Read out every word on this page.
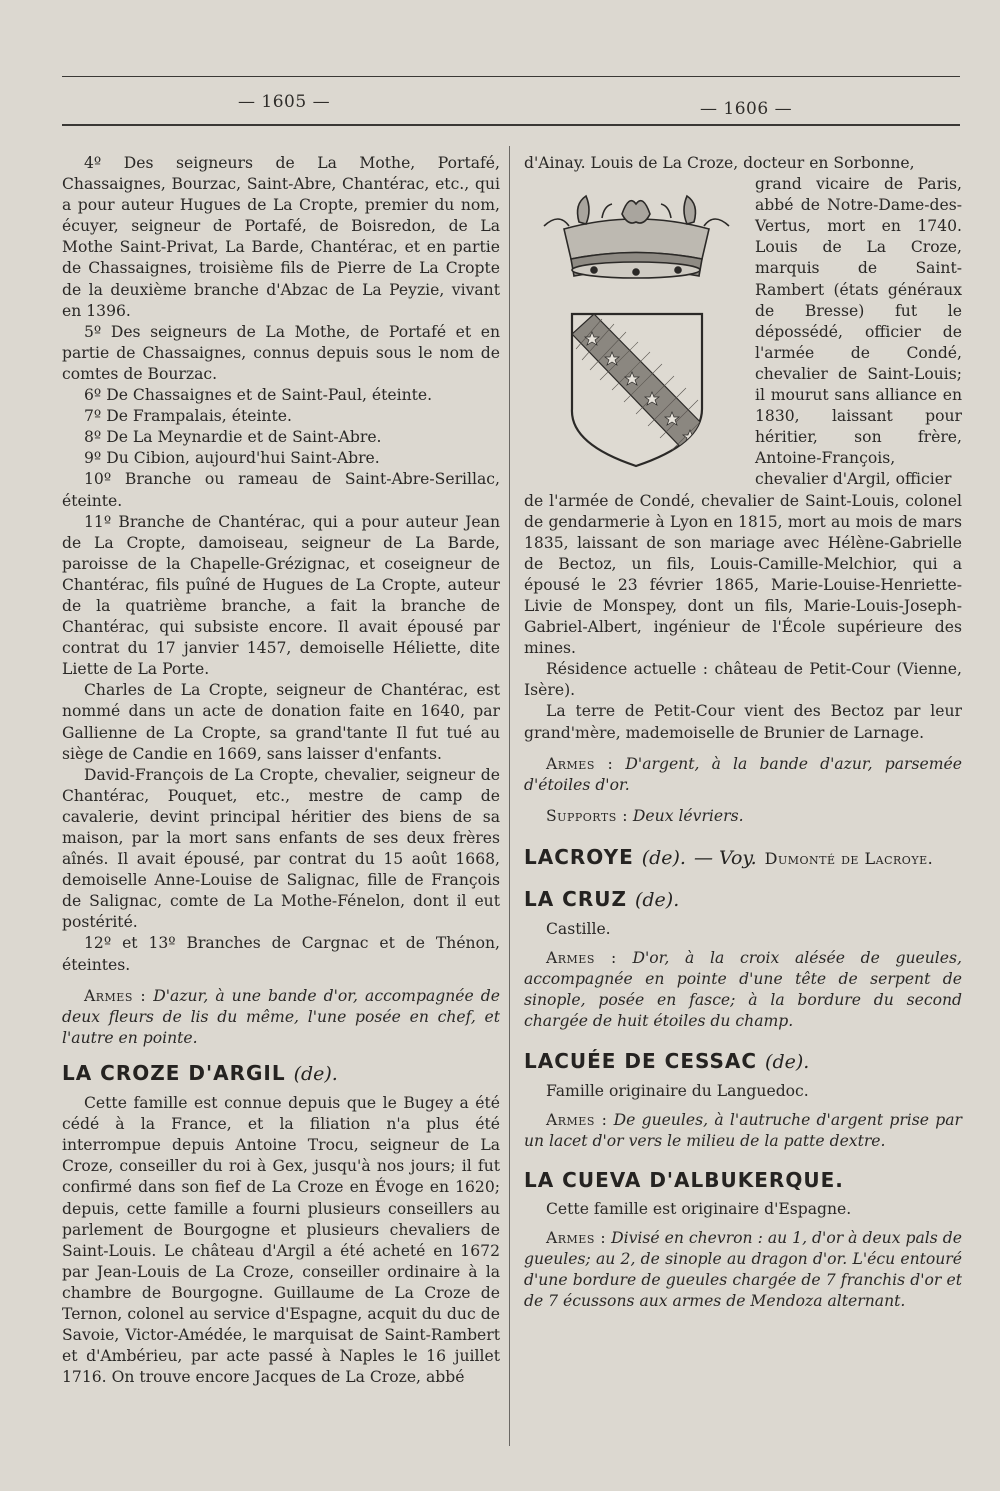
— 1605 —	— 1606 —

4º Des seigneurs de La Mothe, Portafé, Chassaignes, Bourzac, Saint-Abre, Chantérac, etc., qui a pour auteur Hugues de La Cropte, premier du nom, écuyer, seigneur de Portafé, de Boisredon, de La Mothe Saint-Privat, La Barde, Chantérac, et en partie de Chassaignes, troisième fils de Pierre de La Cropte de la deuxième branche d'Abzac de La Peyzie, vivant en 1396.

5º Des seigneurs de La Mothe, de Portafé et en partie de Chassaignes, connus depuis sous le nom de comtes de Bourzac.

6º De Chassaignes et de Saint-Paul, éteinte.

7º De Frampalais, éteinte.

8º De La Meynardie et de Saint-Abre.

9º Du Cibion, aujourd'hui Saint-Abre.

10º Branche ou rameau de Saint-Abre-Serillac, éteinte.

11º Branche de Chantérac, qui a pour auteur Jean de La Cropte, damoiseau, seigneur de La Barde, paroisse de la Chapelle-Grézignac, et coseigneur de Chantérac, fils puîné de Hugues de La Cropte, auteur de la quatrième branche, a fait la branche de Chantérac, qui subsiste encore. Il avait épousé par contrat du 17 janvier 1457, demoiselle Héliette, dite Liette de La Porte.

Charles de La Cropte, seigneur de Chantérac, est nommé dans un acte de donation faite en 1640, par Gallienne de La Cropte, sa grand'tante Il fut tué au siège de Candie en 1669, sans laisser d'enfants.

David-François de La Cropte, chevalier, seigneur de Chantérac, Pouquet, etc., mestre de camp de cavalerie, devint principal héritier des biens de sa maison, par la mort sans enfants de ses deux frères aînés. Il avait épousé, par contrat du 15 août 1668, demoiselle Anne-Louise de Salignac, fille de François de Salignac, comte de La Mothe-Fénelon, dont il eut postérité.

12º et 13º Branches de Cargnac et de Thénon, éteintes.

Armes : D'azur, à une bande d'or, accompagnée de deux fleurs de lis du même, l'une posée en chef, et l'autre en pointe.

LA CROZE D'ARGIL (de).

Cette famille est connue depuis que le Bugey a été cédé à la France, et la filiation n'a plus été interrompue depuis Antoine Trocu, seigneur de La Croze, conseiller du roi à Gex, jusqu'à nos jours; il fut confirmé dans son fief de La Croze en Évoge en 1620; depuis, cette famille a fourni plusieurs conseillers au parlement de Bourgogne et plusieurs chevaliers de Saint-Louis. Le château d'Argil a été acheté en 1672 par Jean-Louis de La Croze, conseiller ordinaire à la chambre de Bourgogne. Guillaume de La Croze de Ternon, colonel au service d'Espagne, acquit du duc de Savoie, Victor-Amédée, le marquisat de Saint-Rambert et d'Ambérieu, par acte passé à Naples le 16 juillet 1716. On trouve encore Jacques de La Croze, abbé

d'Ainay. Louis de La Croze, docteur en Sorbonne,

grand vicaire de Paris, abbé de Notre-Dame-des-Vertus, mort en 1740. Louis de La Croze, marquis de Saint-Rambert (états généraux de Bresse) fut le dépossédé, officier de l'armée de Condé, chevalier de Saint-Louis; il mourut sans alliance en 1830, laissant pour héritier, son frère, Antoine-François, chevalier d'Argil, officier

de l'armée de Condé, chevalier de Saint-Louis, colonel de gendarmerie à Lyon en 1815, mort au mois de mars 1835, laissant de son mariage avec Hélène-Gabrielle de Bectoz, un fils, Louis-Camille-Melchior, qui a épousé le 23 février 1865, Marie-Louise-Henriette-Livie de Monspey, dont un fils, Marie-Louis-Joseph-Gabriel-Albert, ingénieur de l'École supérieure des mines.

Résidence actuelle : château de Petit-Cour (Vienne, Isère).

La terre de Petit-Cour vient des Bectoz par leur grand'mère, mademoiselle de Brunier de Larnage.

Armes : D'argent, à la bande d'azur, parsemée d'étoiles d'or.

Supports : Deux lévriers.

LACROYE (de). — Voy. Dumonté de Lacroye.
LA CRUZ (de).

Castille.

Armes : D'or, à la croix alésée de gueules, accompagnée en pointe d'une tête de serpent de sinople, posée en fasce; à la bordure du second chargée de huit étoiles du champ.

LACUÉE DE CESSAC (de).

Famille originaire du Languedoc.

Armes : De gueules, à l'autruche d'argent prise par un lacet d'or vers le milieu de la patte dextre.

LA CUEVA D'ALBUKERQUE.

Cette famille est originaire d'Espagne.

Armes : Divisé en chevron : au 1, d'or à deux pals de gueules; au 2, de sinople au dragon d'or. L'écu entouré d'une bordure de gueules chargée de 7 franchis d'or et de 7 écussons aux armes de Mendoza alternant.
